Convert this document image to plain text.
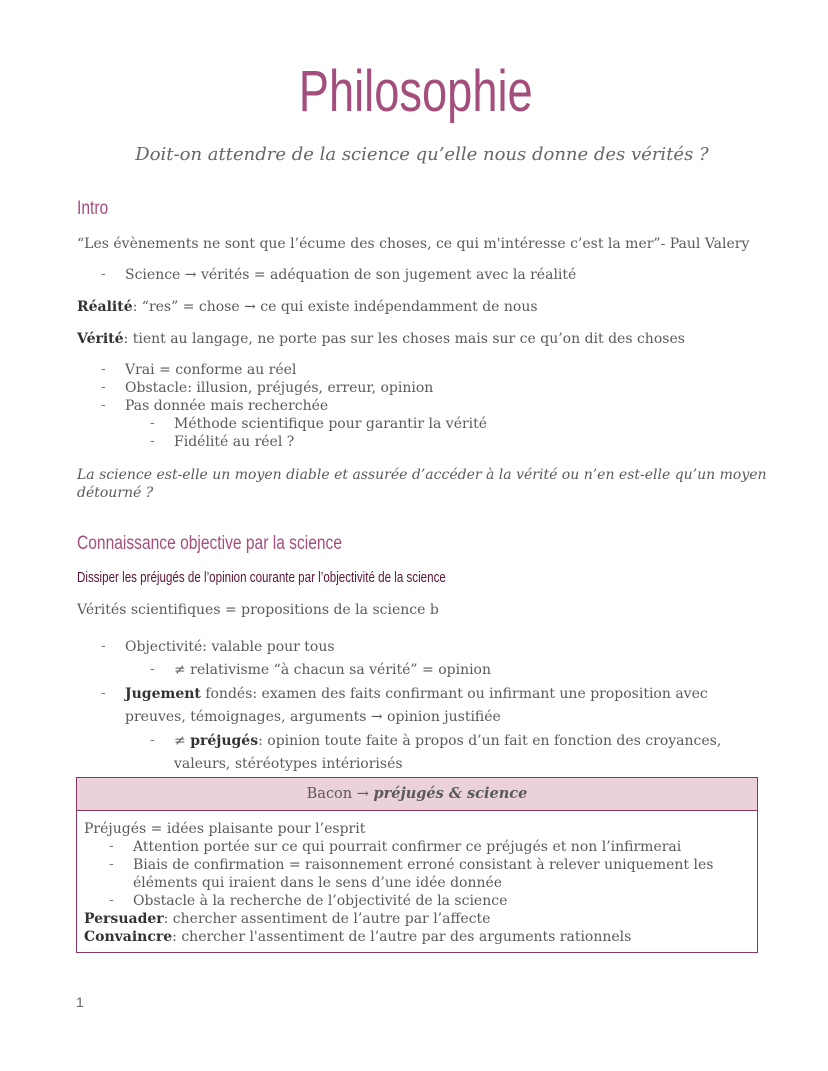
Philosophie
Doit-on attendre de la science qu’elle nous donne des vérités ?
Intro
“Les évènements ne sont que l’écume des choses, ce qui m'intéresse c’est la mer”- Paul Valery
- Science → vérités = adéquation de son jugement avec la réalité
Réalité: “res” = chose → ce qui existe indépendamment de nous
Vérité: tient au langage, ne porte pas sur les choses mais sur ce qu’on dit des choses
- Vrai = conforme au réel
- Obstacle: illusion, préjugés, erreur, opinion
- Pas donnée mais recherchée
- Méthode scientifique pour garantir la vérité
- Fidélité au réel ?
La science est-elle un moyen diable et assurée d’accéder à la vérité ou n’en est-elle qu’un moyen
détourné ?
Connaissance objective par la science
Dissiper les préjugés de l’opinion courante par l’objectivité de la science
Vérités scientifiques = propositions de la science b
- Objectivité: valable pour tous
- ≠ relativisme “à chacun sa vérité” = opinion
- Jugement fondés: examen des faits confirmant ou infirmant une proposition avec
preuves, témoignages, arguments → opinion justifiée
- ≠ préjugés: opinion toute faite à propos d’un fait en fonction des croyances,
valeurs, stéréotypes intériorisés
Bacon → préjugés & science
Préjugés = idées plaisante pour l’esprit
- Attention portée sur ce qui pourrait confirmer ce préjugés et non l’infirmerai
- Biais de confirmation = raisonnement erroné consistant à relever uniquement les
éléments qui iraient dans le sens d’une idée donnée
- Obstacle à la recherche de l’objectivité de la science
Persuader: chercher assentiment de l’autre par l’affecte
Convaincre: chercher l'assentiment de l’autre par des arguments rationnels
1
